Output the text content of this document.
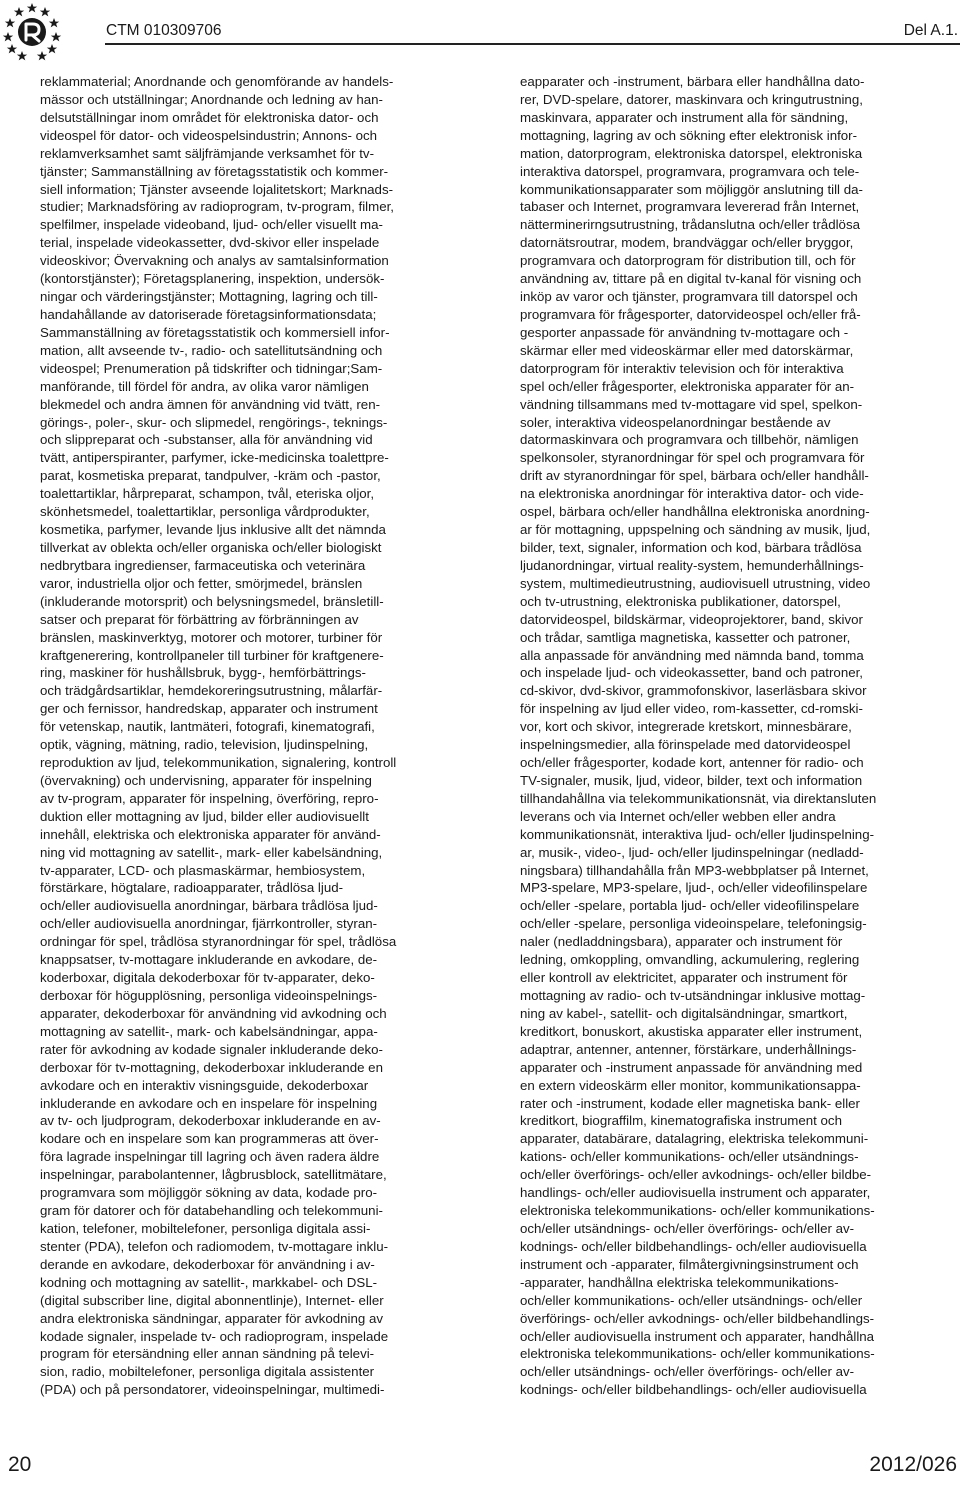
CTM 010309706	Del A.1.
reklammaterial; Anordnande och genomförande av handels-
mässor och utställningar; Anordnande och ledning av han-
delsutställningar inom området för elektroniska dator- och
videospel för dator- och videospelsindustrin; Annons- och
reklamverksamhet samt säljfrämjande verksamhet för tv-
tjänster; Sammanställning av företagsstatistik och kommer-
siell information; Tjänster avseende lojalitetskort; Marknads-
studier; Marknadsföring av radioprogram, tv-program, filmer,
spelfilmer, inspelade videoband, ljud- och/eller visuellt ma-
terial, inspelade videokassetter, dvd-skivor eller inspelade
videoskivor; Övervakning och analys av samtalsinformation
(kontorstjänster); Företagsplanering, inspektion, undersök-
ningar och värderingstjänster; Mottagning, lagring och till-
handahållande av datoriserade företagsinformationsdata;
Sammanställning av företagsstatistik och kommersiell infor-
mation, allt avseende tv-, radio- och satellitutsändning och
videospel; Prenumeration på tidskrifter och tidningar;Sam-
manförande, till fördel för andra, av olika varor nämligen
blekmedel och andra ämnen för användning vid tvätt, ren-
görings-, poler-, skur- och slipmedel, rengörings-, teknings-
och slippreparat och -substanser, alla för användning vid
tvätt, antiperspiranter, parfymer, icke-medicinska toalettpre-
parat, kosmetiska preparat, tandpulver, -kräm och -pastor,
toalettartiklar, hårpreparat, schampon, tvål, eteriska oljor,
skönhetsmedel, toalettartiklar, personliga vårdprodukter,
kosmetika, parfymer, levande ljus inklusive allt det nämnda
tillverkat av oblekta och/eller organiska och/eller biologiskt
nedbrytbara ingredienser, farmaceutiska och veterinära
varor, industriella oljor och fetter, smörjmedel, bränslen
(inkluderande motorsprit) och belysningsmedel, bränsletill-
satser och preparat för förbättring av förbränningen av
bränslen, maskinverktyg, motorer och motorer, turbiner för
kraftgenerering, kontrollpaneler till turbiner för kraftgenere-
ring, maskiner för hushållsbruk, bygg-, hemförbättrings-
och trädgårdsartiklar, hemdekoreringsutrustning, målarfär-
ger och fernissor, handredskap, apparater och instrument
för vetenskap, nautik, lantmäteri, fotografi, kinematografi,
optik, vägning, mätning, radio, television, ljudinspelning,
reproduktion av ljud, telekommunikation, signalering, kontroll
(övervakning) och undervisning, apparater för inspelning
av tv-program, apparater för inspelning, överföring, repro-
duktion eller mottagning av ljud, bilder eller audiovisuellt
innehåll, elektriska och elektroniska apparater för använd-
ning vid mottagning av satellit-, mark- eller kabelsändning,
tv-apparater, LCD- och plasmaskärmar, hembiosystem,
förstärkare, högtalare, radioapparater, trådlösa ljud-
och/eller audiovisuella anordningar, bärbara trådlösa ljud-
och/eller audiovisuella anordningar, fjärrkontroller, styran-
ordningar för spel, trådlösa styranordningar för spel, trådlösa
knappsatser, tv-mottagare inkluderande en avkodare, de-
koderboxar, digitala dekoderboxar för tv-apparater, deko-
derboxar för högupplösning, personliga videoinspelnings-
apparater, dekoderboxar för användning vid avkodning och
mottagning av satellit-, mark- och kabelsändningar, appa-
rater för avkodning av kodade signaler inkluderande deko-
derboxar för tv-mottagning, dekoderboxar inkluderande en
avkodare och en interaktiv visningsguide, dekoderboxar
inkluderande en avkodare och en inspelare för inspelning
av tv- och ljudprogram, dekoderboxar inkluderande en av-
kodare och en inspelare som kan programmeras att över-
föra lagrade inspelningar till lagring och även radera äldre
inspelningar, parabolantenner, lågbrusblock, satellitmätare,
programvara som möjliggör sökning av data, kodade pro-
gram för datorer och för databehandling och telekommuni-
kation, telefoner, mobiltelefoner, personliga digitala assi-
stenter (PDA), telefon och radiomodem, tv-mottagare inklu-
derande en avkodare, dekoderboxar för användning i av-
kodning och mottagning av satellit-, markkabel- och DSL-
(digital subscriber line, digital abonnentlinje), Internet- eller
andra elektroniska sändningar, apparater för avkodning av
kodade signaler, inspelade tv- och radioprogram, inspelade
program för etersändning eller annan sändning på televi-
sion, radio, mobiltelefoner, personliga digitala assistenter
(PDA) och på persondatorer, videoinspelningar, multimedi-
eapparater och -instrument, bärbara eller handhållna dato-
rer, DVD-spelare, datorer, maskinvara och kringutrustning,
maskinvara, apparater och instrument alla för sändning,
mottagning, lagring av och sökning efter elektronisk infor-
mation, datorprogram, elektroniska datorspel, elektroniska
interaktiva datorspel, programvara, programvara och tele-
kommunikationsapparater som möjliggör anslutning till da-
tabaser och Internet, programvara levererad från Internet,
nätterminerirngsutrustning, trådanslutna och/eller trådlösa
datornätsroutrar, modem, brandväggar och/eller bryggor,
programvara och datorprogram för distribution till, och för
användning av, tittare på en digital tv-kanal för visning och
inköp av varor och tjänster, programvara till datorspel och
programvara för frågesporter, datorvideospel och/eller frå-
gesporter anpassade för användning tv-mottagare och -
skärmar eller med videoskärmar eller med datorskärmar,
datorprogram för interaktiv television och för interaktiva
spel och/eller frågesporter, elektroniska apparater för an-
vändning tillsammans med tv-mottagare vid spel, spelkon-
soler, interaktiva videospelanordningar bestående av
datormaskinvara och programvara och tillbehör, nämligen
spelkonsoler, styranordningar för spel och programvara för
drift av styranordningar för spel, bärbara och/eller handhåll-
na elektroniska anordningar för interaktiva dator- och vide-
ospel, bärbara och/eller handhållna elektroniska anordning-
ar för mottagning, uppspelning och sändning av musik, ljud,
bilder, text, signaler, information och kod, bärbara trådlösa
ljudanordningar, virtual reality-system, hemunderhållnings-
system, multimedieutrustning, audiovisuell utrustning, video
och tv-utrustning, elektroniska publikationer, datorspel,
datorvideospel, bildskärmar, videoprojektorer, band, skivor
och trådar, samtliga magnetiska, kassetter och patroner,
alla anpassade för användning med nämnda band, tomma
och inspelade ljud- och videokassetter, band och patroner,
cd-skivor, dvd-skivor, grammofonskivor, laserläsbara skivor
för inspelning av ljud eller video, rom-kassetter, cd-romski-
vor, kort och skivor, integrerade kretskort, minnesbärare,
inspelningsmedier, alla förinspelade med datorvideospel
och/eller frågesporter, kodade kort, antenner för radio- och
TV-signaler, musik, ljud, videor, bilder, text och information
tillhandahållna via telekommunikationsnät, via direktansluten
leverans och via Internet och/eller webben eller andra
kommunikationsnät, interaktiva ljud- och/eller ljudinspelning-
ar, musik-, video-, ljud- och/eller ljudinspelningar (nedladd-
ningsbara) tillhandahålla från MP3-webbplatser på Internet,
MP3-spelare, MP3-spelare, ljud-, och/eller videofilinspelare
och/eller -spelare, portabla ljud- och/eller videofilinspelare
och/eller -spelare, personliga videoinspelare, telefoningsig-
naler (nedladdningsbara), apparater och instrument för
ledning, omkoppling, omvandling, ackumulering, reglering
eller kontroll av elektricitet, apparater och instrument för
mottagning av radio- och tv-utsändningar inklusive mottag-
ning av kabel-, satellit- och digitalsändningar, smartkort,
kreditkort, bonuskort, akustiska apparater eller instrument,
adaptrar, antenner, antenner, förstärkare, underhållnings-
apparater och -instrument anpassade för användning med
en extern videoskärm eller monitor, kommunikationsappa-
rater och -instrument, kodade eller magnetiska bank- eller
kreditkort, biograffilm, kinematografiska instrument och
apparater, databärare, datalagring, elektriska telekommuni-
kations- och/eller kommunikations- och/eller utsändnings-
och/eller överförings- och/eller avkodnings- och/eller bildbe-
handlings- och/eller audiovisuella instrument och apparater,
elektroniska telekommunikations- och/eller kommunikations-
och/eller utsändnings- och/eller överförings- och/eller av-
kodnings- och/eller bildbehandlings- och/eller audiovisuella
instrument och -apparater, filmåtergivningsinstrument och
-apparater, handhållna elektriska telekommunikations-
och/eller kommunikations- och/eller utsändnings- och/eller
överförings- och/eller avkodnings- och/eller bildbehandlings-
och/eller audiovisuella instrument och apparater, handhållna
elektroniska telekommunikations- och/eller kommunikations-
och/eller utsändnings- och/eller överförings- och/eller av-
kodnings- och/eller bildbehandlings- och/eller audiovisuella
20	2012/026
